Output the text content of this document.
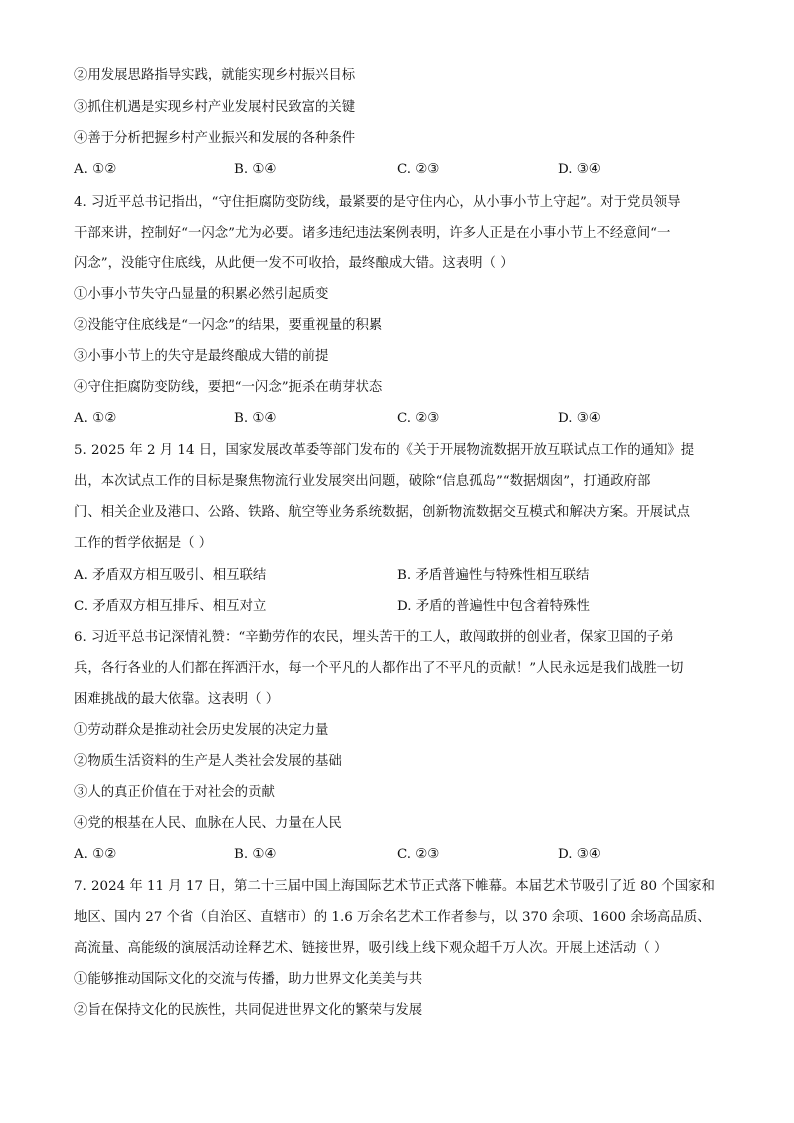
②用发展思路指导实践，就能实现乡村振兴目标
③抓住机遇是实现乡村产业发展村民致富的关键
④善于分析把握乡村产业振兴和发展的各种条件
A. ①②	B. ①④	C. ②③	D. ③④
4. 习近平总书记指出，“守住拒腐防变防线，最紧要的是守住内心，从小事小节上守起”。对于党员领导
干部来讲，控制好“一闪念”尤为必要。诸多违纪违法案例表明，许多人正是在小事小节上不经意间“一
闪念”，没能守住底线，从此便一发不可收拾，最终酿成大错。这表明（ ）
①小事小节失守凸显量的积累必然引起质变
②没能守住底线是“一闪念”的结果，要重视量的积累
③小事小节上的失守是最终酿成大错的前提
④守住拒腐防变防线，要把“一闪念”扼杀在萌芽状态
A. ①②	B. ①④	C. ②③	D. ③④
5. 2025 年 2 月 14 日，国家发展改革委等部门发布的《关于开展物流数据开放互联试点工作的通知》提
出，本次试点工作的目标是聚焦物流行业发展突出问题，破除“信息孤岛”“数据烟囱”，打通政府部
门、相关企业及港口、公路、铁路、航空等业务系统数据，创新物流数据交互模式和解决方案。开展试点
工作的哲学依据是（ ）
A. 矛盾双方相互吸引、相互联结	B. 矛盾普遍性与特殊性相互联结
C. 矛盾双方相互排斥、相互对立	D. 矛盾的普遍性中包含着特殊性
6. 习近平总书记深情礼赞：“辛勤劳作的农民，埋头苦干的工人，敢闯敢拼的创业者，保家卫国的子弟
兵，各行各业的人们都在挥洒汗水，每一个平凡的人都作出了不平凡的贡献！”人民永远是我们战胜一切
困难挑战的最大依靠。这表明（ ）
①劳动群众是推动社会历史发展的决定力量
②物质生活资料的生产是人类社会发展的基础
③人的真正价值在于对社会的贡献
④党的根基在人民、血脉在人民、力量在人民
A. ①②	B. ①④	C. ②③	D. ③④
7. 2024 年 11 月 17 日，第二十三届中国上海国际艺术节正式落下帷幕。本届艺术节吸引了近 80 个国家和
地区、国内 27 个省（自治区、直辖市）的 1.6 万余名艺术工作者参与，以 370 余项、1600 余场高品质、
高流量、高能级的演展活动诠释艺术、链接世界，吸引线上线下观众超千万人次。开展上述活动（ ）
①能够推动国际文化的交流与传播，助力世界文化美美与共
②旨在保持文化的民族性，共同促进世界文化的繁荣与发展
